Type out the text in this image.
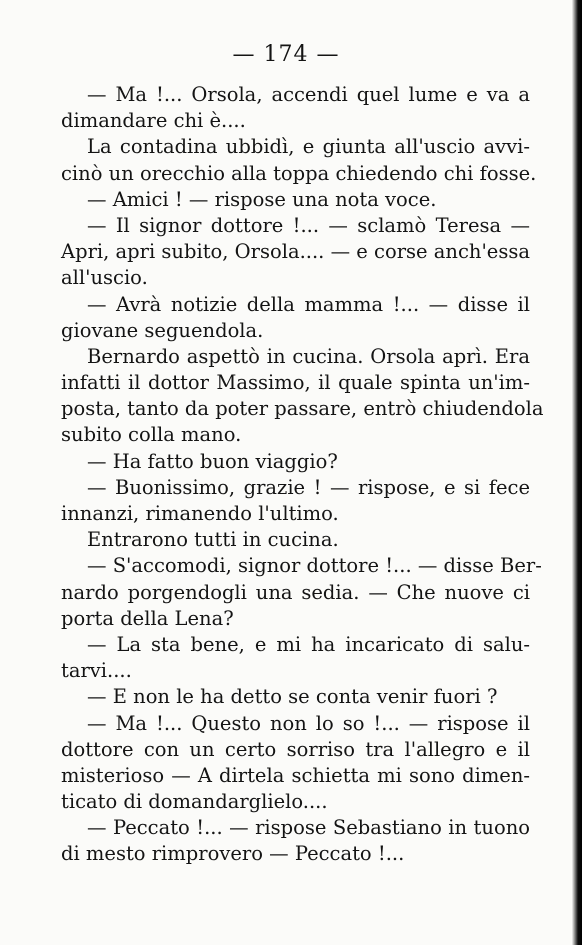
— 174 —
— Ma !... Orsola, accendi quel lume e va a
dimandare chi è....
La contadina ubbidì, e giunta all'uscio avvi-
cinò un orecchio alla toppa chiedendo chi fosse.
— Amici ! — rispose una nota voce.
— Il signor dottore !... — sclamò Teresa —
Apri, apri subito, Orsola.... — e corse anch'essa
all'uscio.
— Avrà notizie della mamma !... — disse il
giovane seguendola.
Bernardo aspettò in cucina. Orsola aprì. Era
infatti il dottor Massimo, il quale spinta un'im-
posta, tanto da poter passare, entrò chiudendola
subito colla mano.
— Ha fatto buon viaggio?
— Buonissimo, grazie ! — rispose, e si fece
innanzi, rimanendo l'ultimo.
Entrarono tutti in cucina.
— S'accomodi, signor dottore !... — disse Ber-
nardo porgendogli una sedia. — Che nuove ci
porta della Lena?
— La sta bene, e mi ha incaricato di salu-
tarvi....
— E non le ha detto se conta venir fuori ?
— Ma !... Questo non lo so !... — rispose il
dottore con un certo sorriso tra l'allegro e il
misterioso — A dirtela schietta mi sono dimen-
ticato di domandarglielo....
— Peccato !... — rispose Sebastiano in tuono
di mesto rimprovero — Peccato !...
